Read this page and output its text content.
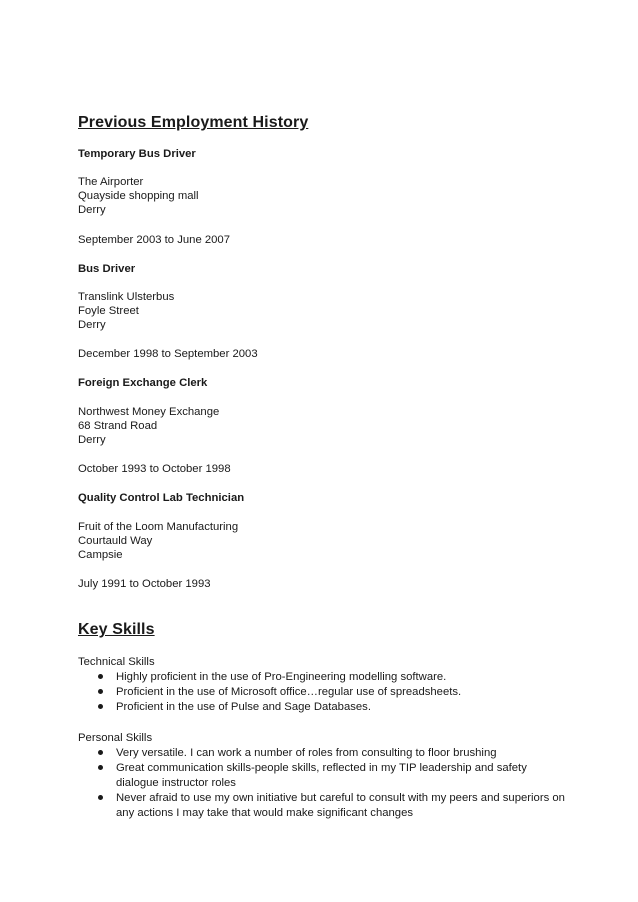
Previous Employment History

Temporary Bus Driver

The Airporter

Quayside shopping mall

Derry

September 2003 to June 2007

Bus Driver

Translink Ulsterbus

Foyle Street

Derry

December 1998 to September 2003

Foreign Exchange Clerk

Northwest Money Exchange

68 Strand Road

Derry

October 1993 to October 1998

Quality Control Lab Technician

Fruit of the Loom Manufacturing

Courtauld Way

Campsie

July 1991 to October 1993

Key Skills

Technical Skills

Highly proficient in the use of Pro-Engineering modelling software.
Proficient in the use of Microsoft office…regular use of spreadsheets.
Proficient in the use of Pulse and Sage Databases.

Personal Skills

Very versatile. I can work a number of roles from consulting to floor brushing
Great communication skills-people skills, reflected in my TIP leadership and safety dialogue instructor roles
Never afraid to use my own initiative but careful to consult with my peers and superiors on any actions I may take that would make significant changes
